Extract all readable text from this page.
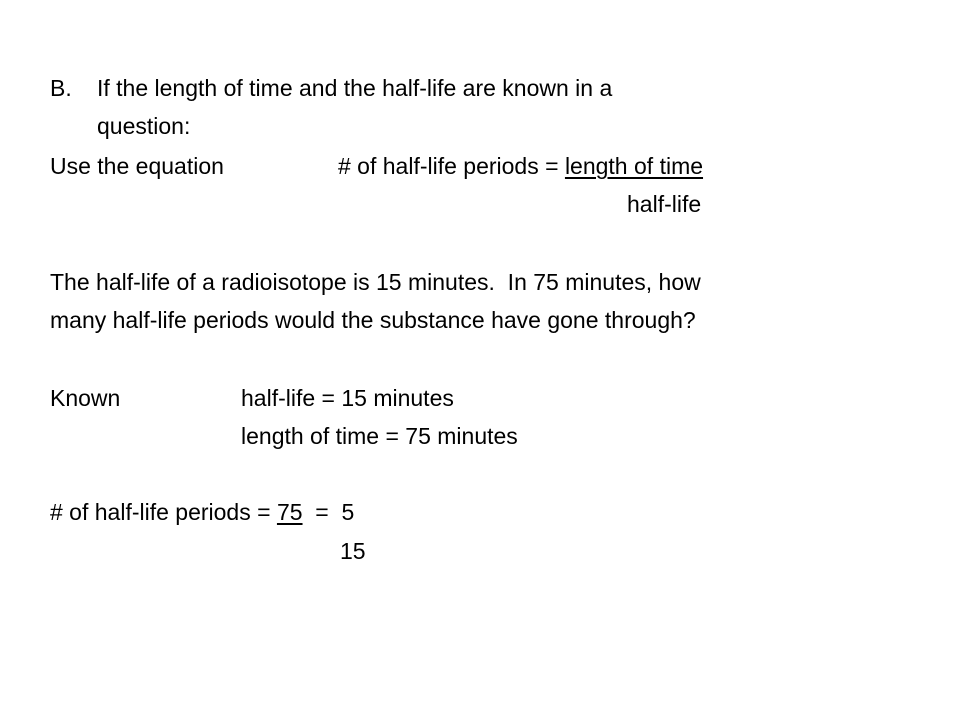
B. If the length of time and the half-life are known in a
question:
Use the equation	# of half-life periods = length of time
half-life
The half-life of a radioisotope is 15 minutes.  In 75 minutes, how
many half-life periods would the substance have gone through?
Known	half-life = 15 minutes
length of time = 75 minutes
# of half-life periods = 75  =  5
15
